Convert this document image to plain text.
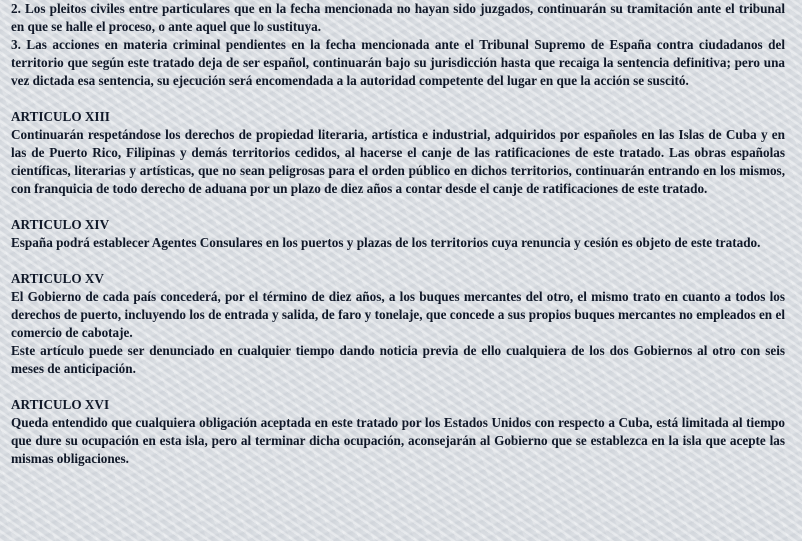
2. Los pleitos civiles entre particulares que en la fecha mencionada no hayan sido juzgados, continuarán su tramitación ante el tribunal en que se halle el proceso, o ante aquel que lo sustituya.

3. Las acciones en materia criminal pendientes en la fecha mencionada ante el Tribunal Supremo de España contra ciudadanos del territorio que según este tratado deja de ser español, continuarán bajo su jurisdicción hasta que recaiga la sentencia definitiva; pero una vez dictada esa sentencia, su ejecución será encomendada a la autoridad competente del lugar en que la acción se suscitó.

ARTICULO XIII

Continuarán respetándose los derechos de propiedad literaria, artística e industrial, adquiridos por españoles en las Islas de Cuba y en las de Puerto Rico, Filipinas y demás territorios cedidos, al hacerse el canje de las ratificaciones de este tratado. Las obras españolas científicas, literarias y artísticas, que no sean peligrosas para el orden público en dichos territorios, continuarán entrando en los mismos, con franquicia de todo derecho de aduana por un plazo de diez años a contar desde el canje de ratificaciones de este tratado.

ARTICULO XIV

España podrá establecer Agentes Consulares en los puertos y plazas de los territorios cuya renuncia y cesión es objeto de este tratado.

ARTICULO XV

El Gobierno de cada país concederá, por el término de diez años, a los buques mercantes del otro, el mismo trato en cuanto a todos los derechos de puerto, incluyendo los de entrada y salida, de faro y tonelaje, que concede a sus propios buques mercantes no empleados en el comercio de cabotaje.

Este artículo puede ser denunciado en cualquier tiempo dando noticia previa de ello cualquiera de los dos Gobiernos al otro con seis meses de anticipación.

ARTICULO XVI

Queda entendido que cualquiera obligación aceptada en este tratado por los Estados Unidos con respecto a Cuba, está limitada al tiempo que dure su ocupación en esta isla, pero al terminar dicha ocupación, aconsejarán al Gobierno que se establezca en la isla que acepte las mismas obligaciones.
